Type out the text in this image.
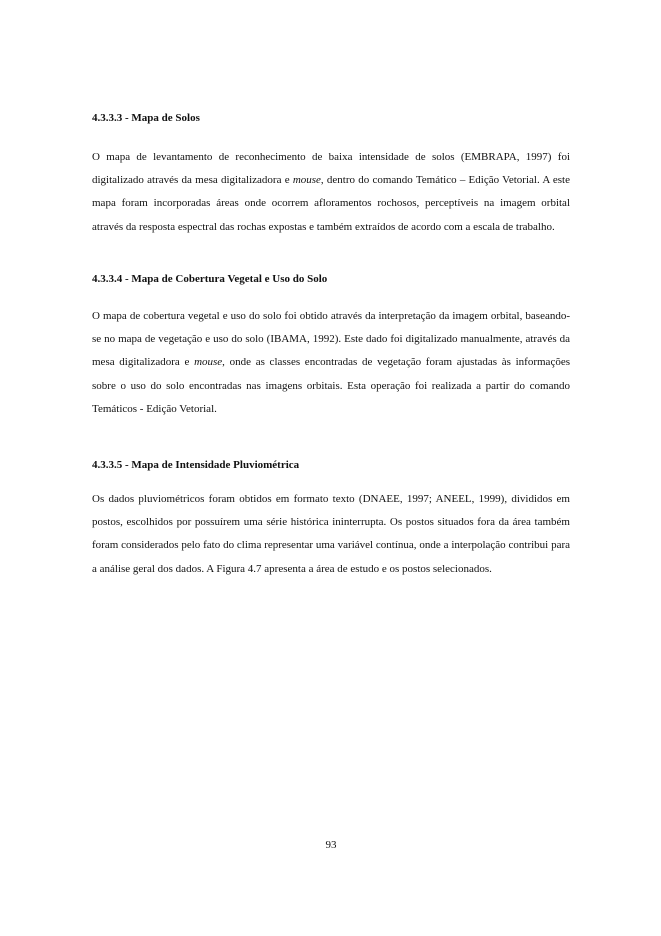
4.3.3.3 - Mapa de Solos

O mapa de levantamento de reconhecimento de baixa intensidade de solos (EMBRAPA, 1997) foi digitalizado através da mesa digitalizadora e mouse, dentro do comando Temático – Edição Vetorial. A este mapa foram incorporadas áreas onde ocorrem afloramentos rochosos, perceptíveis na imagem orbital através da resposta espectral das rochas expostas e também extraídos de acordo com a escala de trabalho.

4.3.3.4 - Mapa de Cobertura Vegetal e Uso do Solo

O mapa de cobertura vegetal e uso do solo foi obtido através da interpretação da imagem orbital, baseando-se no mapa de vegetação e uso do solo (IBAMA, 1992). Este dado foi digitalizado manualmente, através da mesa digitalizadora e mouse, onde as classes encontradas de vegetação foram ajustadas às informações sobre o uso do solo encontradas nas imagens orbitais. Esta operação foi realizada a partir do comando Temáticos - Edição Vetorial.

4.3.3.5 - Mapa de Intensidade Pluviométrica

Os dados pluviométricos foram obtidos em formato texto (DNAEE, 1997; ANEEL, 1999), divididos em postos, escolhidos por possuírem uma série histórica ininterrupta. Os postos situados fora da área também foram considerados pelo fato do clima representar uma variável contínua, onde a interpolação contribui para a análise geral dos dados. A Figura 4.7 apresenta a área de estudo e os postos selecionados.

93
